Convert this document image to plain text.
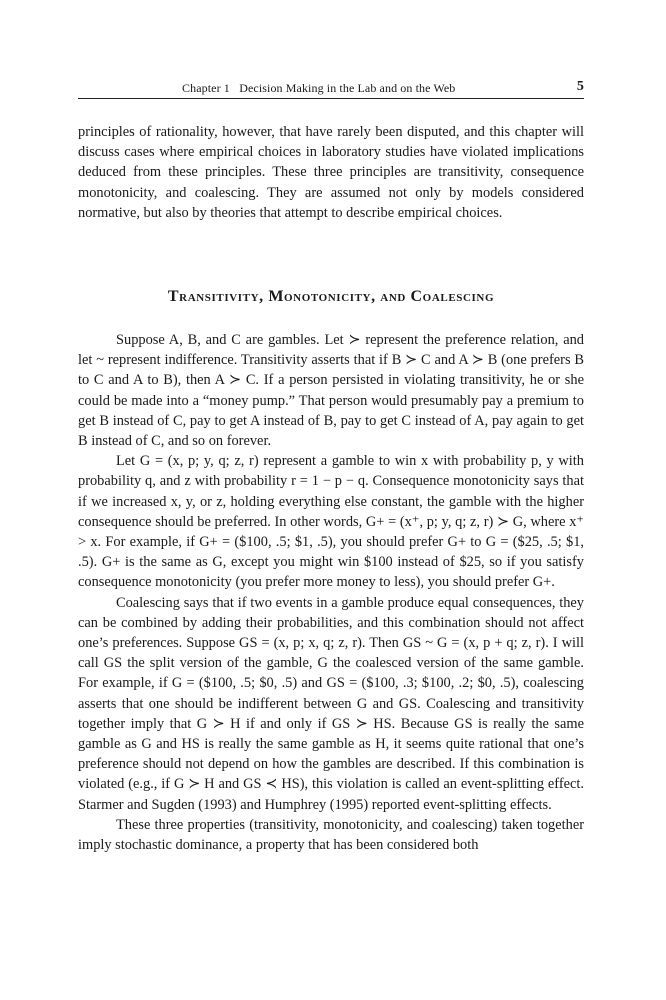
Chapter 1 Decision Making in the Lab and on the Web	5

principles of rationality, however, that have rarely been disputed, and this chapter will discuss cases where empirical choices in laboratory studies have violated implications deduced from these principles. These three principles are transitivity, consequence monotonicity, and coalescing. They are assumed not only by models considered normative, but also by theories that attempt to describe empirical choices.

Transitivity, Monotonicity, and Coalescing

Suppose A, B, and C are gambles. Let ≻ represent the preference relation, and let ~ represent indifference. Transitivity asserts that if B ≻ C and A ≻ B (one prefers B to C and A to B), then A ≻ C. If a person persisted in violating transitivity, he or she could be made into a “money pump.” That person would presumably pay a premium to get B instead of C, pay to get A instead of B, pay to get C instead of A, pay again to get B instead of C, and so on forever.

Let G = (x, p; y, q; z, r) represent a gamble to win x with probability p, y with probability q, and z with probability r = 1 − p − q. Consequence monotonicity says that if we increased x, y, or z, holding everything else constant, the gamble with the higher consequence should be preferred. In other words, G+ = (x⁺, p; y, q; z, r) ≻ G, where x⁺ > x. For example, if G+ = ($100, .5; $1, .5), you should prefer G+ to G = ($25, .5; $1, .5). G+ is the same as G, except you might win $100 instead of $25, so if you satisfy consequence monotonicity (you prefer more money to less), you should prefer G+.

Coalescing says that if two events in a gamble produce equal consequences, they can be combined by adding their probabilities, and this combination should not affect one’s preferences. Suppose GS = (x, p; x, q; z, r). Then GS ~ G = (x, p + q; z, r). I will call GS the split version of the gamble, G the coalesced version of the same gamble. For example, if G = ($100, .5; $0, .5) and GS = ($100, .3; $100, .2; $0, .5), coalescing asserts that one should be indifferent between G and GS. Coalescing and transitivity together imply that G ≻ H if and only if GS ≻ HS. Because GS is really the same gamble as G and HS is really the same gamble as H, it seems quite rational that one’s preference should not depend on how the gambles are described. If this combination is violated (e.g., if G ≻ H and GS ≺ HS), this violation is called an event-splitting effect. Starmer and Sugden (1993) and Humphrey (1995) reported event-splitting effects.

These three properties (transitivity, monotonicity, and coalescing) taken together imply stochastic dominance, a property that has been considered both
